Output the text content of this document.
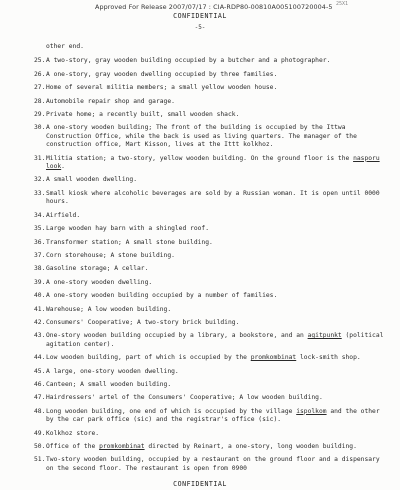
Approved For Release 2007/07/17 : CIA-RDP80-00810A005100720004-5 25X1
CONFIDENTIAL
-5-
other end.
25. A two-story, gray wooden building occupied by a butcher and a photographer.
26. A one-story, gray wooden dwelling occupied by three families.
27. Home of several militia members; a small yellow wooden house.
28. Automobile repair shop and garage.
29. Private home; a recently built, small wooden shack.
30. A one-story wooden building; The front of the building is occupied by the Ittwa Construction Office, while the back is used as living quarters. The manager of the construction office, Mart Kisson, lives at the Ittt kolkhoz.
31. Militia station; a two-story, yellow wooden building. On the ground floor is the nasporu look.
32. A small wooden dwelling.
33. Small kiosk where alcoholic beverages are sold by a Russian woman. It is open until 0000 hours.
34. Airfield.
35. Large wooden hay barn with a shingled roof.
36. Transformer station; A small stone building.
37. Corn storehouse; A stone building.
38. Gasoline storage; A cellar.
39. A one-story wooden dwelling.
40. A one-story wooden building occupied by a number of families.
41. Warehouse; A low wooden building.
42. Consumers' Cooperative; A two-story brick building.
43. One-story wooden building occupied by a library, a bookstore, and an agitpunkt (political agitation center).
44. Low wooden building, part of which is occupied by the promkombinat lock-smith shop.
45. A large, one-story wooden dwelling.
46. Canteen; A small wooden building.
47. Hairdressers' artel of the Consumers' Cooperative; A low wooden building.
48. Long wooden building, one end of which is occupied by the village ispolkom and the other by the car park office (sic) and the registrar's office (sic).
49. Kolkhoz store.
50. Office of the promkombinat directed by Reinart, a one-story, long wooden building.
51. Two-story wooden building, occupied by a restaurant on the ground floor and a dispensary on the second floor. The restaurant is open from 0900
CONFIDENTIAL
